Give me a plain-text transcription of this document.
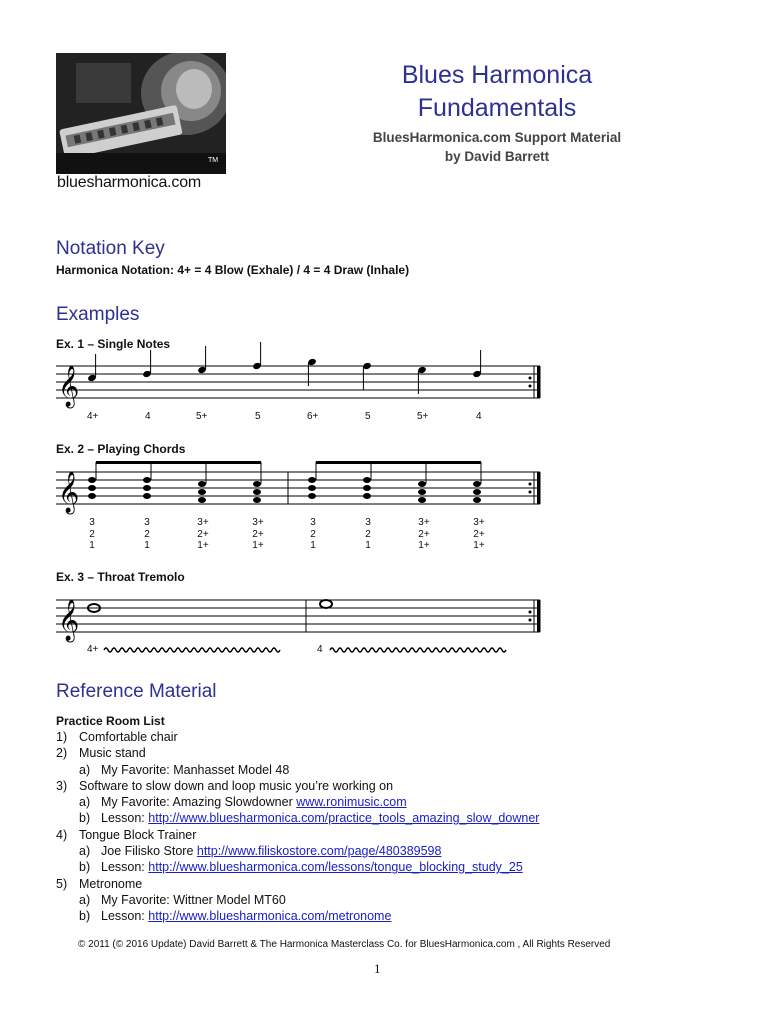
TM
bluesharmonica.com
Blues Harmonica
Fundamentals
BluesHarmonica.com Support Material
by David Barrett
Notation Key
Harmonica Notation: 4+ = 4 Blow (Exhale) / 4 = 4 Draw (Inhale)
Examples
Ex. 1 – Single Notes
𝄞
4+	4	5+	5	6+	5	5+	4
Ex. 2 – Playing Chords
𝄞
3
2
1
3
2
1
3+
2+
1+
3+
2+
1+
3
2
1
3
2
1
3+
2+
1+
3+
2+
1+
Ex. 3 – Throat Tremolo
𝄞
4+	4
Reference Material
Practice Room List
1) Comfortable chair
2) Music stand
a) My Favorite: Manhasset Model 48
3) Software to slow down and loop music you’re working on
a) My Favorite: Amazing Slowdowner www.ronimusic.com
b) Lesson: http://www.bluesharmonica.com/practice_tools_amazing_slow_downer
4) Tongue Block Trainer
a) Joe Filisko Store http://www.filiskostore.com/page/480389598
b) Lesson: http://www.bluesharmonica.com/lessons/tongue_blocking_study_25
5) Metronome
a) My Favorite: Wittner Model MT60
b) Lesson: http://www.bluesharmonica.com/metronome
© 2011 (© 2016 Update) David Barrett & The Harmonica Masterclass Co. for BluesHarmonica.com , All Rights Reserved
1
